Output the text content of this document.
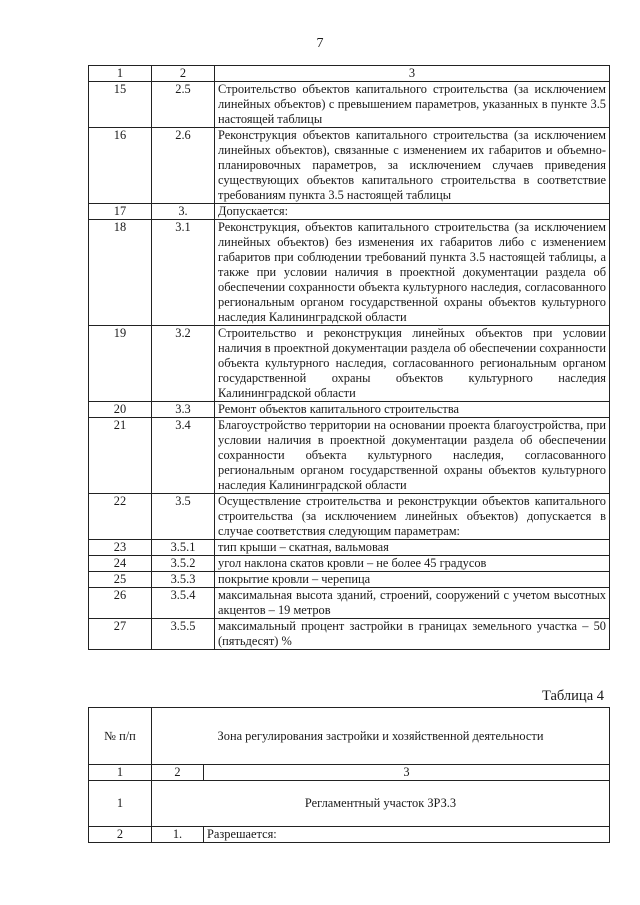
7
1	2	3
15	2.5	Строительство объектов капитального строительства (за исключением линейных объектов) с превышением параметров, указанных в пункте 3.5 настоящей таблицы
16	2.6	Реконструкция объектов капитального строительства (за исключением линейных объектов), связанные с изменением их габаритов и объемно-планировочных параметров, за исключением случаев приведения существующих объектов капитального строительства в соответствие требованиям пункта 3.5 настоящей таблицы
17	3.	Допускается:
18	3.1	Реконструкция, объектов капитального строительства (за исключением линейных объектов) без изменения их габаритов либо с изменением габаритов при соблюдении требований пункта 3.5 настоящей таблицы, а также при условии наличия в проектной документации раздела об обеспечении сохранности объекта культурного наследия, согласованного региональным органом государственной охраны объектов культурного наследия Калининградской области
19	3.2	Строительство и реконструкция линейных объектов при условии наличия в проектной документации раздела об обеспечении сохранности объекта культурного наследия, согласованного региональным органом государственной охраны объектов культурного наследия Калининградской области
20	3.3	Ремонт объектов капитального строительства
21	3.4	Благоустройство территории на основании проекта благоустройства, при условии наличия в проектной документации раздела об обеспечении сохранности объекта культурного наследия, согласованного региональным органом государственной охраны объектов культурного наследия Калининградской области
22	3.5	Осуществление строительства и реконструкции объектов капитального строительства (за исключением линейных объектов) допускается в случае соответствия следующим параметрам:
23	3.5.1	тип крыши – скатная, вальмовая
24	3.5.2	угол наклона скатов кровли – не более 45 градусов
25	3.5.3	покрытие кровли – черепица
26	3.5.4	максимальная высота зданий, строений, сооружений с учетом высотных акцентов – 19 метров
27	3.5.5	максимальный процент застройки в границах земельного участка – 50 (пятьдесят) %
Таблица 4
№ п/п	Зона регулирования застройки и хозяйственной деятельности	
1	2	3
1	Регламентный участок ЗРЗ.3	
2	1.	Разрешается:
